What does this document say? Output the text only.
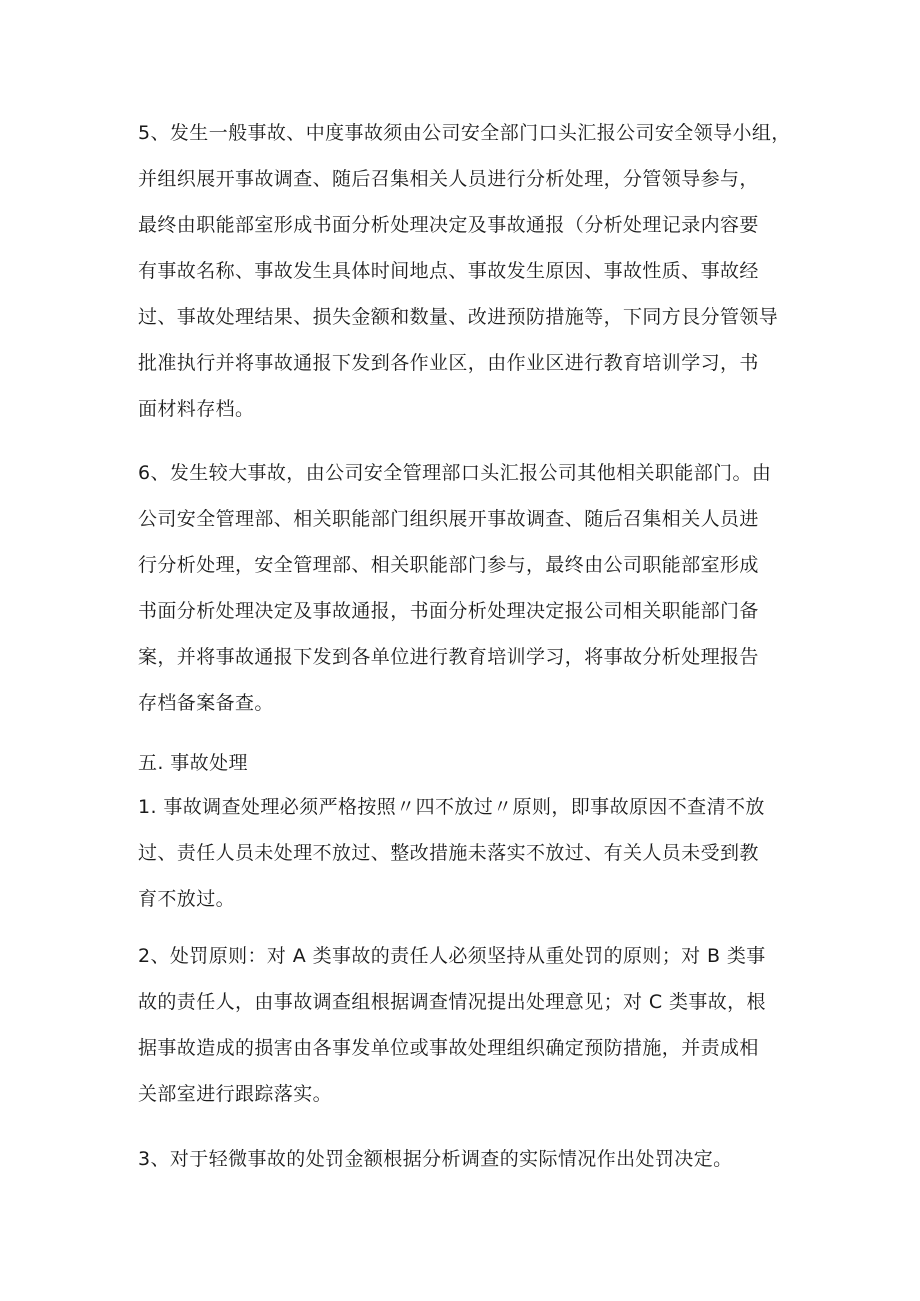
5、发生一般事故、中度事故须由公司安全部门口头汇报公司安全领导小组，
并组织展开事故调查、随后召集相关人员进行分析处理，分管领导参与，
最终由职能部室形成书面分析处理决定及事故通报（分析处理记录内容要
有事故名称、事故发生具体时间地点、事故发生原因、事故性质、事故经
过、事故处理结果、损失金额和数量、改进预防措施等，下同方艮分管领导
批准执行并将事故通报下发到各作业区，由作业区进行教育培训学习，书
面材料存档。
6、发生较大事故，由公司安全管理部口头汇报公司其他相关职能部门。由
公司安全管理部、相关职能部门组织展开事故调查、随后召集相关人员进
行分析处理，安全管理部、相关职能部门参与，最终由公司职能部室形成
书面分析处理决定及事故通报，书面分析处理决定报公司相关职能部门备
案，并将事故通报下发到各单位进行教育培训学习，将事故分析处理报告
存档备案备查。
五. 事故处理
1. 事故调查处理必须严格按照〃四不放过〃原则，即事故原因不查清不放
过、责任人员未处理不放过、整改措施未落实不放过、有关人员未受到教
育不放过。
2、处罚原则：对 A 类事故的责任人必须坚持从重处罚的原则；对 B 类事
故的责任人，由事故调查组根据调查情况提出处理意见；对 C 类事故，根
据事故造成的损害由各事发单位或事故处理组织确定预防措施，并责成相
关部室进行跟踪落实。
3、对于轻微事故的处罚金额根据分析调查的实际情况作出处罚决定。
